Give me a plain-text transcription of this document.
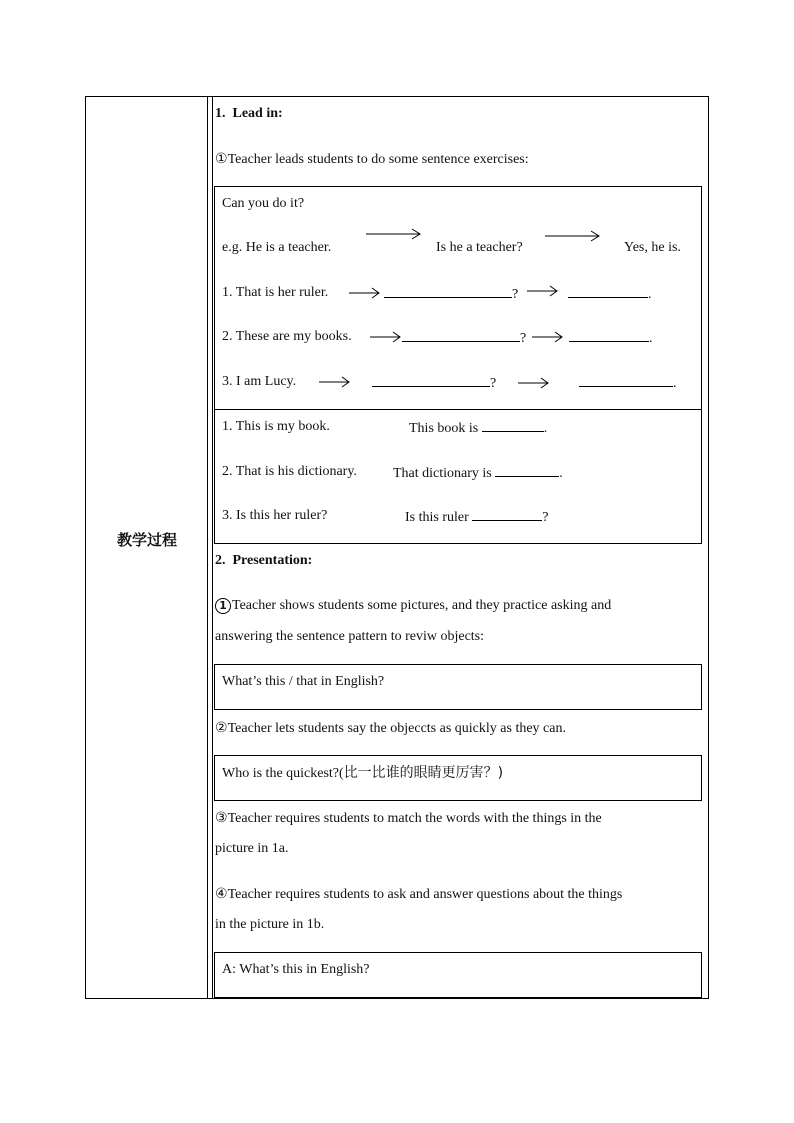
教学过程
1.  Lead in:
①Teacher leads students to do some sentence exercises:
Can you do it?
e.g. He is a teacher.	Is he a teacher?	Yes, he is.
1. That is her ruler.	?	.
2. These are my books.	?	.
3. I am Lucy.	?	.
1. This is my book.	This book is	.
2. That is his dictionary.	That dictionary is	.
3. Is this her ruler?	Is this ruler	?
2.  Presentation:
1 Teacher shows students some pictures, and they practice asking and
answering the sentence pattern to reviw objects:
What’s this / that in English?
②Teacher lets students say the objeccts as quickly as they can.
Who is the quickest?(比一比谁的眼睛更厉害？)
③Teacher requires students to match the words with the things in the
picture in 1a.
④Teacher requires students to ask and answer questions about the things
in the picture in 1b.
A: What’s this in English?
